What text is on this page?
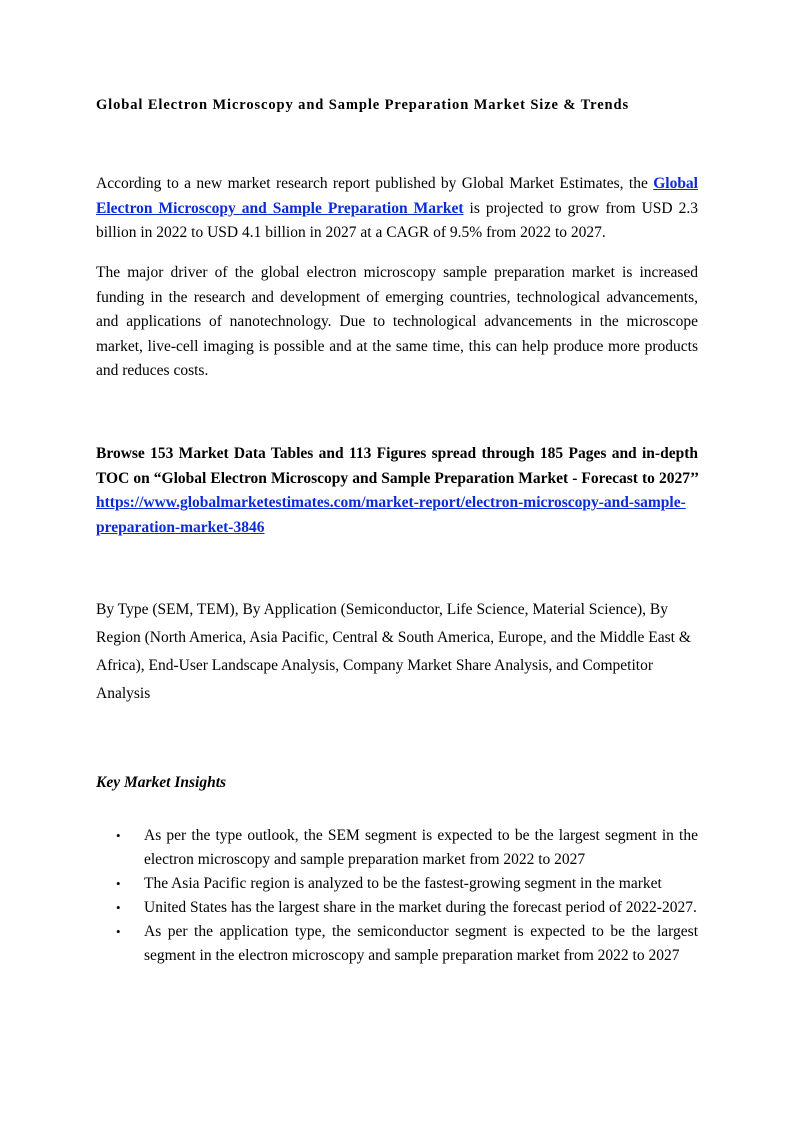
Global Electron Microscopy and Sample Preparation Market Size & Trends

According to a new market research report published by Global Market Estimates, the Global Electron Microscopy and Sample Preparation Market is projected to grow from USD 2.3 billion in 2022 to USD 4.1 billion in 2027 at a CAGR of 9.5% from 2022 to 2027.

The major driver of the global electron microscopy sample preparation market is increased funding in the research and development of emerging countries, technological advancements, and applications of nanotechnology. Due to technological advancements in the microscope market, live-cell imaging is possible and at the same time, this can help produce more products and reduces costs.

Browse 153 Market Data Tables and 113 Figures spread through 185 Pages and in-depth TOC on “Global Electron Microscopy and Sample Preparation Market - Forecast to 2027’’ https://www.globalmarketestimates.com/market-report/electron-microscopy-and-sample-preparation-market-3846

By Type (SEM, TEM), By Application (Semiconductor, Life Science, Material Science), By Region (North America, Asia Pacific, Central & South America, Europe, and the Middle East & Africa), End-User Landscape Analysis, Company Market Share Analysis, and Competitor Analysis

Key Market Insights
• As per the type outlook, the SEM segment is expected to be the largest segment in the electron microscopy and sample preparation market from 2022 to 2027
• The Asia Pacific region is analyzed to be the fastest-growing segment in the market
• United States has the largest share in the market during the forecast period of 2022-2027.
• As per the application type, the semiconductor segment is expected to be the largest segment in the electron microscopy and sample preparation market from 2022 to 2027
